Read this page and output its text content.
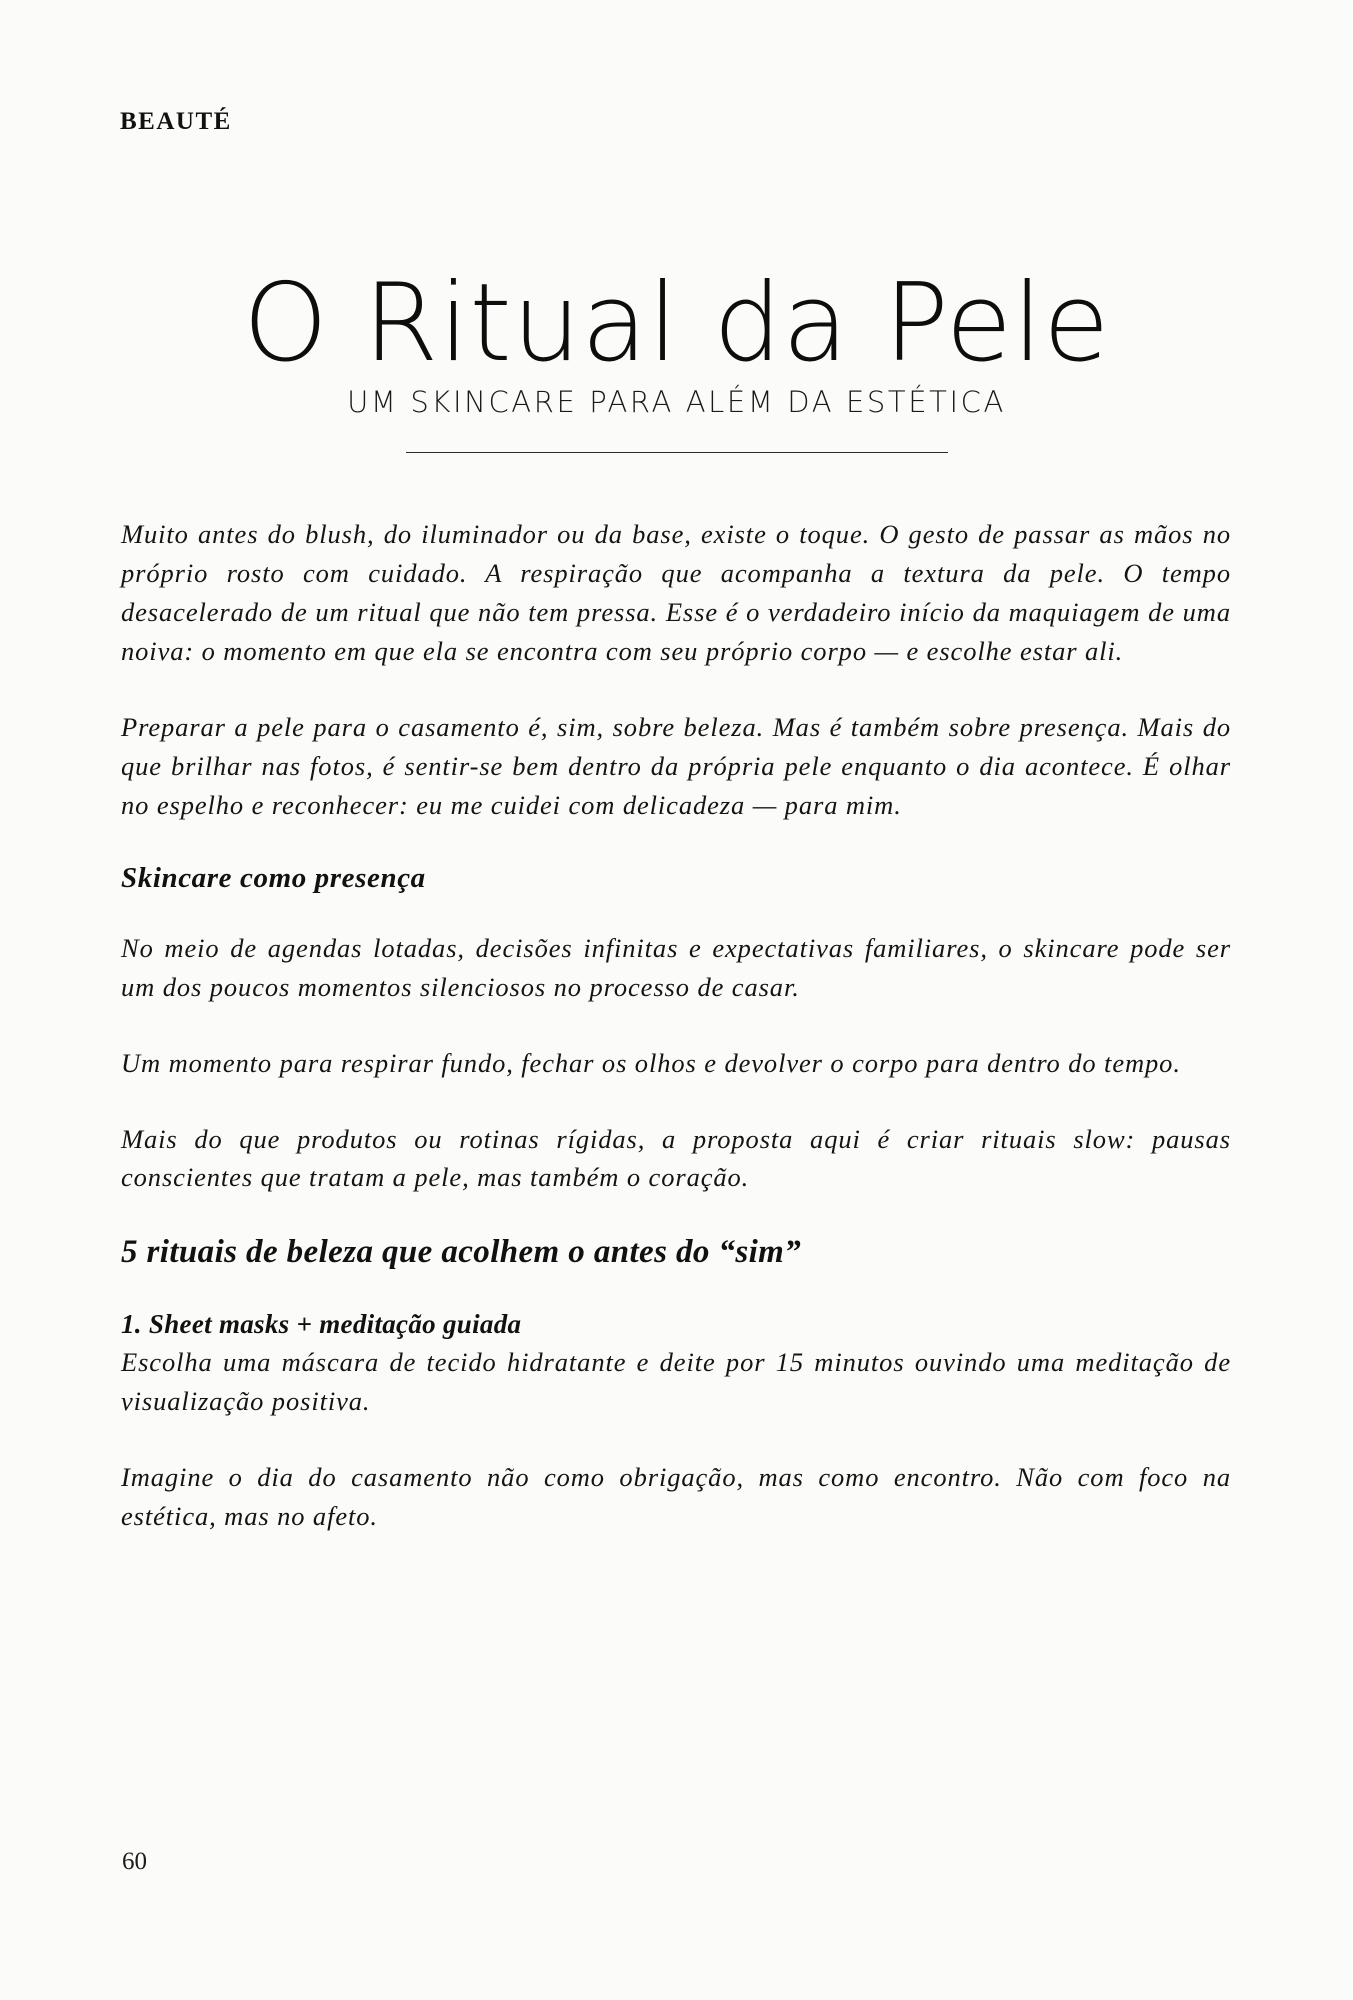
BEAUTÉ
O Ritual da Pele
UM SKINCARE PARA ALÉM DA ESTÉTICA

Muito antes do blush, do iluminador ou da base, existe o toque. O gesto de passar as mãos no próprio rosto com cuidado. A respiração que acompanha a textura da pele. O tempo desacelerado de um ritual que não tem pressa. Esse é o verdadeiro início da maquiagem de uma noiva: o momento em que ela se encontra com seu próprio corpo — e escolhe estar ali.

Preparar a pele para o casamento é, sim, sobre beleza. Mas é também sobre presença. Mais do que brilhar nas fotos, é sentir-se bem dentro da própria pele enquanto o dia acontece. É olhar no espelho e reconhecer: eu me cuidei com delicadeza — para mim.

Skincare como presença

No meio de agendas lotadas, decisões infinitas e expectativas familiares, o skincare pode ser um dos poucos momentos silenciosos no processo de casar.

Um momento para respirar fundo, fechar os olhos e devolver o corpo para dentro do tempo.

Mais do que produtos ou rotinas rígidas, a proposta aqui é criar rituais slow: pausas conscientes que tratam a pele, mas também o coração.

5 rituais de beleza que acolhem o antes do “sim”
1. Sheet masks + meditação guiada

Escolha uma máscara de tecido hidratante e deite por 15 minutos ouvindo uma meditação de visualização positiva.

Imagine o dia do casamento não como obrigação, mas como encontro. Não com foco na estética, mas no afeto.

60
